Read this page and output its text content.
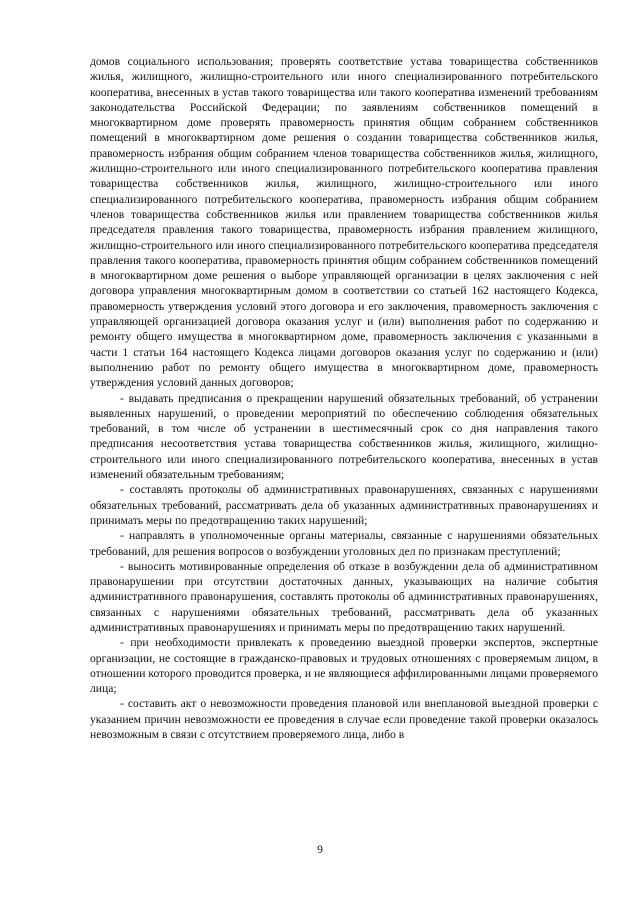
домов социального использования; проверять соответствие устава товарищества собственников жилья, жилищного, жилищно-строительного или иного специализированного потребительского кооператива, внесенных в устав такого товарищества или такого кооператива изменений требованиям законодательства Российской Федерации; по заявлениям собственников помещений в многоквартирном доме проверять правомерность принятия общим собранием собственников помещений в многоквартирном доме решения о создании товарищества собственников жилья, правомерность избрания общим собранием членов товарищества собственников жилья, жилищного, жилищно-строительного или иного специализированного потребительского кооператива правления товарищества собственников жилья, жилищного, жилищно-строительного или иного специализированного потребительского кооператива, правомерность избрания общим собранием членов товарищества собственников жилья или правлением товарищества собственников жилья председателя правления такого товарищества, правомерность избрания правлением жилищного, жилищно-строительного или иного специализированного потребительского кооператива председателя правления такого кооператива, правомерность принятия общим собранием собственников помещений в многоквартирном доме решения о выборе управляющей организации в целях заключения с ней договора управления многоквартирным домом в соответствии со статьей 162 настоящего Кодекса, правомерность утверждения условий этого договора и его заключения, правомерность заключения с управляющей организацией договора оказания услуг и (или) выполнения работ по содержанию и ремонту общего имущества в многоквартирном доме, правомерность заключения с указанными в части 1 статьи 164 настоящего Кодекса лицами договоров оказания услуг по содержанию и (или) выполнению работ по ремонту общего имущества в многоквартирном доме, правомерность утверждения условий данных договоров;

- выдавать предписания о прекращении нарушений обязательных требований, об устранении выявленных нарушений, о проведении мероприятий по обеспечению соблюдения обязательных требований, в том числе об устранении в шестимесячный срок со дня направления такого предписания несоответствия устава товарищества собственников жилья, жилищного, жилищно-строительного или иного специализированного потребительского кооператива, внесенных в устав изменений обязательным требованиям;

- составлять протоколы об административных правонарушениях, связанных с нарушениями обязательных требований, рассматривать дела об указанных административных правонарушениях и принимать меры по предотвращению таких нарушений;

- направлять в уполномоченные органы материалы, связанные с нарушениями обязательных требований, для решения вопросов о возбуждении уголовных дел по признакам преступлений;

- выносить мотивированные определения об отказе в возбуждении дела об административном правонарушении при отсутствии достаточных данных, указывающих на наличие события административного правонарушения, составлять протоколы об административных правонарушениях, связанных с нарушениями обязательных требований, рассматривать дела об указанных административных правонарушениях и принимать меры по предотвращению таких нарушений.

- при необходимости привлекать к проведению выездной проверки экспертов, экспертные организации, не состоящие в гражданско-правовых и трудовых отношениях с проверяемым лицом, в отношении которого проводится проверка, и не являющиеся аффилированными лицами проверяемого лица;

- составить акт о невозможности проведения плановой или внеплановой выездной проверки с указанием причин невозможности ее проведения в случае если проведение такой проверки оказалось невозможным в связи с отсутствием проверяемого лица, либо в

9
